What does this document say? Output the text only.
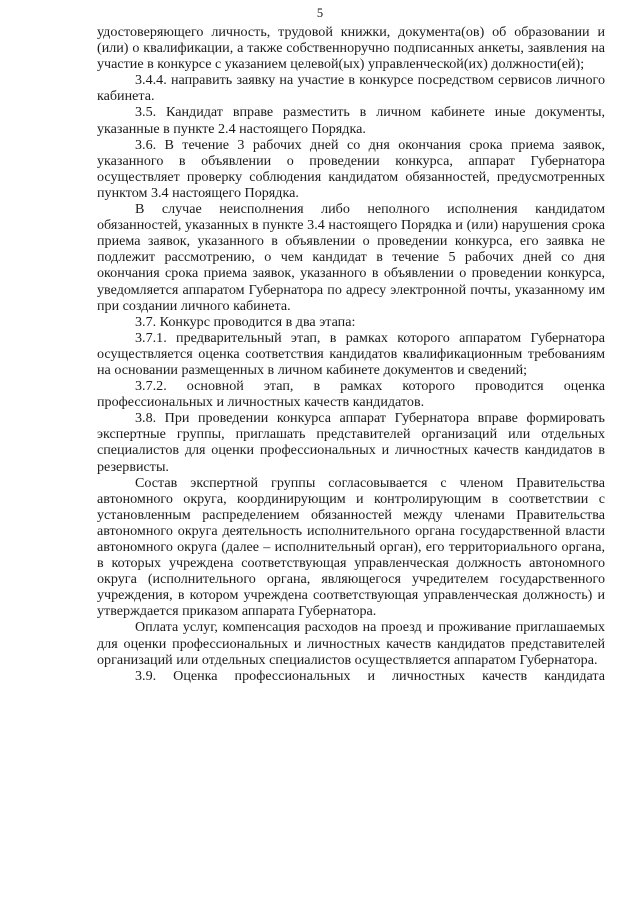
5

удостоверяющего личность, трудовой книжки, документа(ов) об образовании и (или) о квалификации, а также собственноручно подписанных анкеты, заявления на участие в конкурсе с указанием целевой(ых) управленческой(их) должности(ей);

3.4.4. направить заявку на участие в конкурсе посредством сервисов личного кабинета.

3.5. Кандидат вправе разместить в личном кабинете иные документы, указанные в пункте 2.4 настоящего Порядка.

3.6. В течение 3 рабочих дней со дня окончания срока приема заявок, указанного в объявлении о проведении конкурса, аппарат Губернатора осуществляет проверку соблюдения кандидатом обязанностей, предусмотренных пунктом 3.4 настоящего Порядка.

В случае неисполнения либо неполного исполнения кандидатом обязанностей, указанных в пункте 3.4 настоящего Порядка и (или) нарушения срока приема заявок, указанного в объявлении о проведении конкурса, его заявка не подлежит рассмотрению, о чем кандидат в течение 5 рабочих дней со дня окончания срока приема заявок, указанного в объявлении о проведении конкурса, уведомляется аппаратом Губернатора по адресу электронной почты, указанному им при создании личного кабинета.

3.7. Конкурс проводится в два этапа:

3.7.1. предварительный этап, в рамках которого аппаратом Губернатора осуществляется оценка соответствия кандидатов квалификационным требованиям на основании размещенных в личном кабинете документов и сведений;

3.7.2. основной этап, в рамках которого проводится оценка профессиональных и личностных качеств кандидатов.

3.8. При проведении конкурса аппарат Губернатора вправе формировать экспертные группы, приглашать представителей организаций или отдельных специалистов для оценки профессиональных и личностных качеств кандидатов в резервисты.

Состав экспертной группы согласовывается с членом Правительства автономного округа, координирующим и контролирующим в соответствии с установленным распределением обязанностей между членами Правительства автономного округа деятельность исполнительного органа государственной власти автономного округа (далее – исполнительный орган), его территориального органа, в которых учреждена соответствующая управленческая должность автономного округа (исполнительного органа, являющегося учредителем государственного учреждения, в котором учреждена соответствующая управленческая должность) и утверждается приказом аппарата Губернатора.

Оплата услуг, компенсация расходов на проезд и проживание приглашаемых для оценки профессиональных и личностных качеств кандидатов представителей организаций или отдельных специалистов осуществляется аппаратом Губернатора.

3.9. Оценка профессиональных и личностных качеств кандидата
